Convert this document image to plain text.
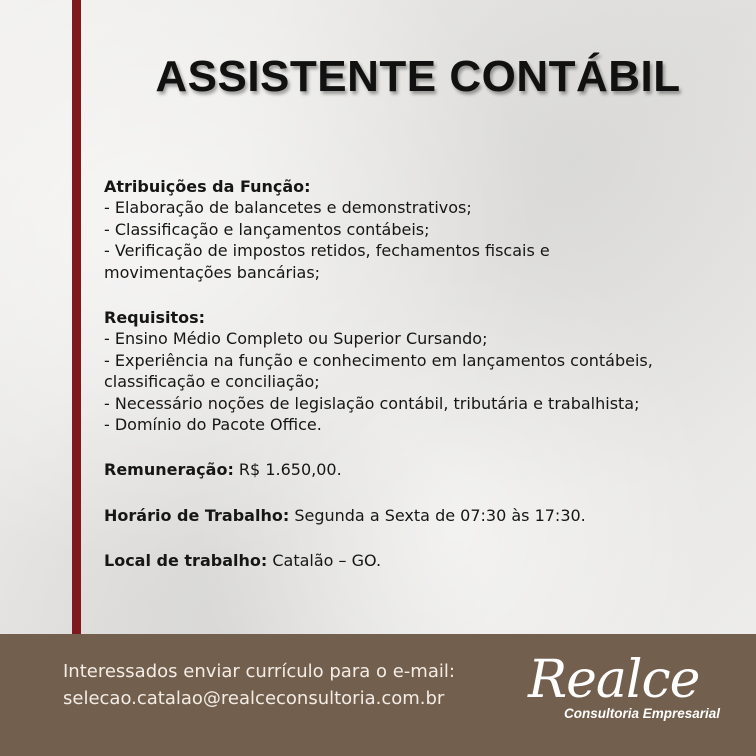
ASSISTENTE CONTÁBIL
Atribuições da Função:
- Elaboração de balancetes e demonstrativos;
- Classificação e lançamentos contábeis;
- Verificação de impostos retidos, fechamentos fiscais e
movimentações bancárias;
Requisitos:
- Ensino Médio Completo ou Superior Cursando;
- Experiência na função e conhecimento em lançamentos contábeis,
classificação e conciliação;
- Necessário noções de legislação contábil, tributária e trabalhista;
- Domínio do Pacote Office.
Remuneração: R$ 1.650,00.
Horário de Trabalho: Segunda a Sexta de 07:30 às 17:30.
Local de trabalho: Catalão – GO.
Interessados enviar currículo para o e-mail:
selecao.catalao@realceconsultoria.com.br Realce
Consultoria Empresarial
